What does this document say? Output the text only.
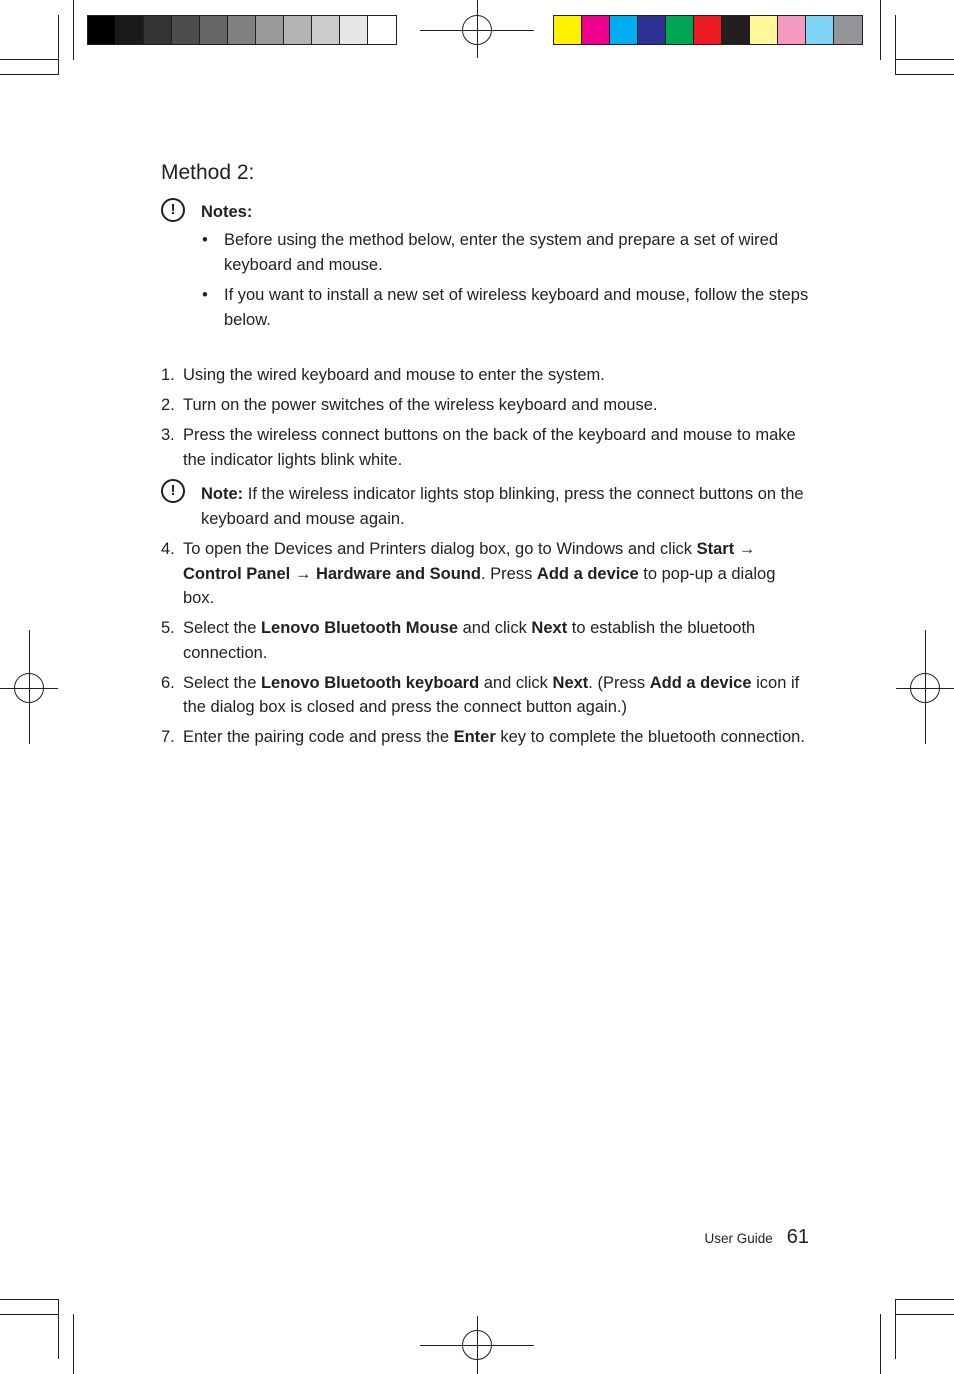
Method 2:
!	Notes:
• Before using the method below, enter the system and prepare a set of wired keyboard and mouse.
• If you want to install a new set of wireless keyboard and mouse, follow the steps below.
1. Using the wired keyboard and mouse to enter the system.
2. Turn on the power switches of the wireless keyboard and mouse.
3. Press the wireless connect buttons on the back of the keyboard and mouse to make the indicator lights blink white.
!	Note: If the wireless indicator lights stop blinking, press the connect buttons on the keyboard and mouse again.
4. To open the Devices and Printers dialog box, go to Windows and click Start → Control Panel → Hardware and Sound. Press Add a device to pop-up a dialog box.
5. Select the Lenovo Bluetooth Mouse and click Next to establish the bluetooth connection.
6. Select the Lenovo Bluetooth keyboard and click Next. (Press Add a device icon if the dialog box is closed and press the connect button again.)
7. Enter the pairing code and press the Enter key to complete the bluetooth connection.
User Guide 61
